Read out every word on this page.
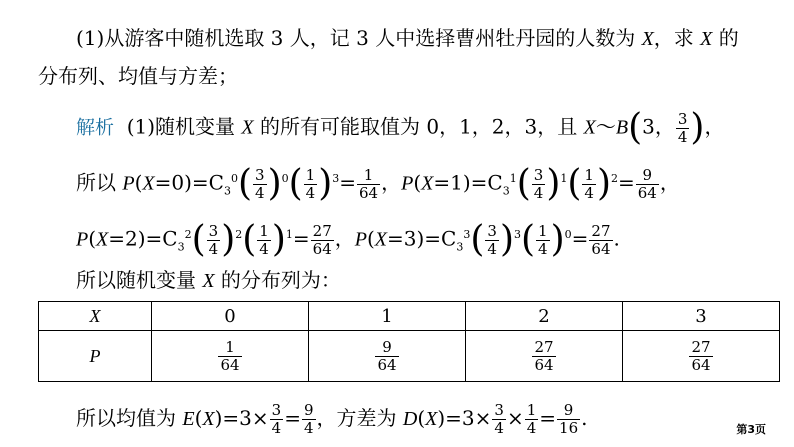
(1)从游客中随机选取 3 人，记 3 人中选择曹州牡丹园的人数为 X，求 X 的
分布列、均值与方差；
解析  (1)随机变量 X 的所有可能取值为 0，1，2，3，且 X～B(3， $\frac{3}{4}$ )，
所以 $P(X=0)=C_3^0( \frac{3}{4} )^0( \frac{1}{4} )^3= \frac{1}{64}$ ，$P(X=1)=C_3^1( \frac{3}{4} )^1( \frac{1}{4} )^2= \frac{9}{64}$ ，
$P(X=2)=C_3^2( \frac{3}{4} )^2( \frac{1}{4} )^1= \frac{27}{64}$ ，$P(X=3)=C_3^3( \frac{3}{4} )^3( \frac{1}{4} )^0= \frac{27}{64}$ .
所以随机变量 X 的分布列为：
X	0	1	2	3
P	$\frac{1}{64}$	$\frac{9}{64}$	$\frac{27}{64}$	$\frac{27}{64}$
所以均值为 $E(X)=3\times \frac{3}{4} = \frac{9}{4}$ ，方差为 $D(X)=3\times \frac{3}{4} \times \frac{1}{4} = \frac{9}{16}$ .	第3页
